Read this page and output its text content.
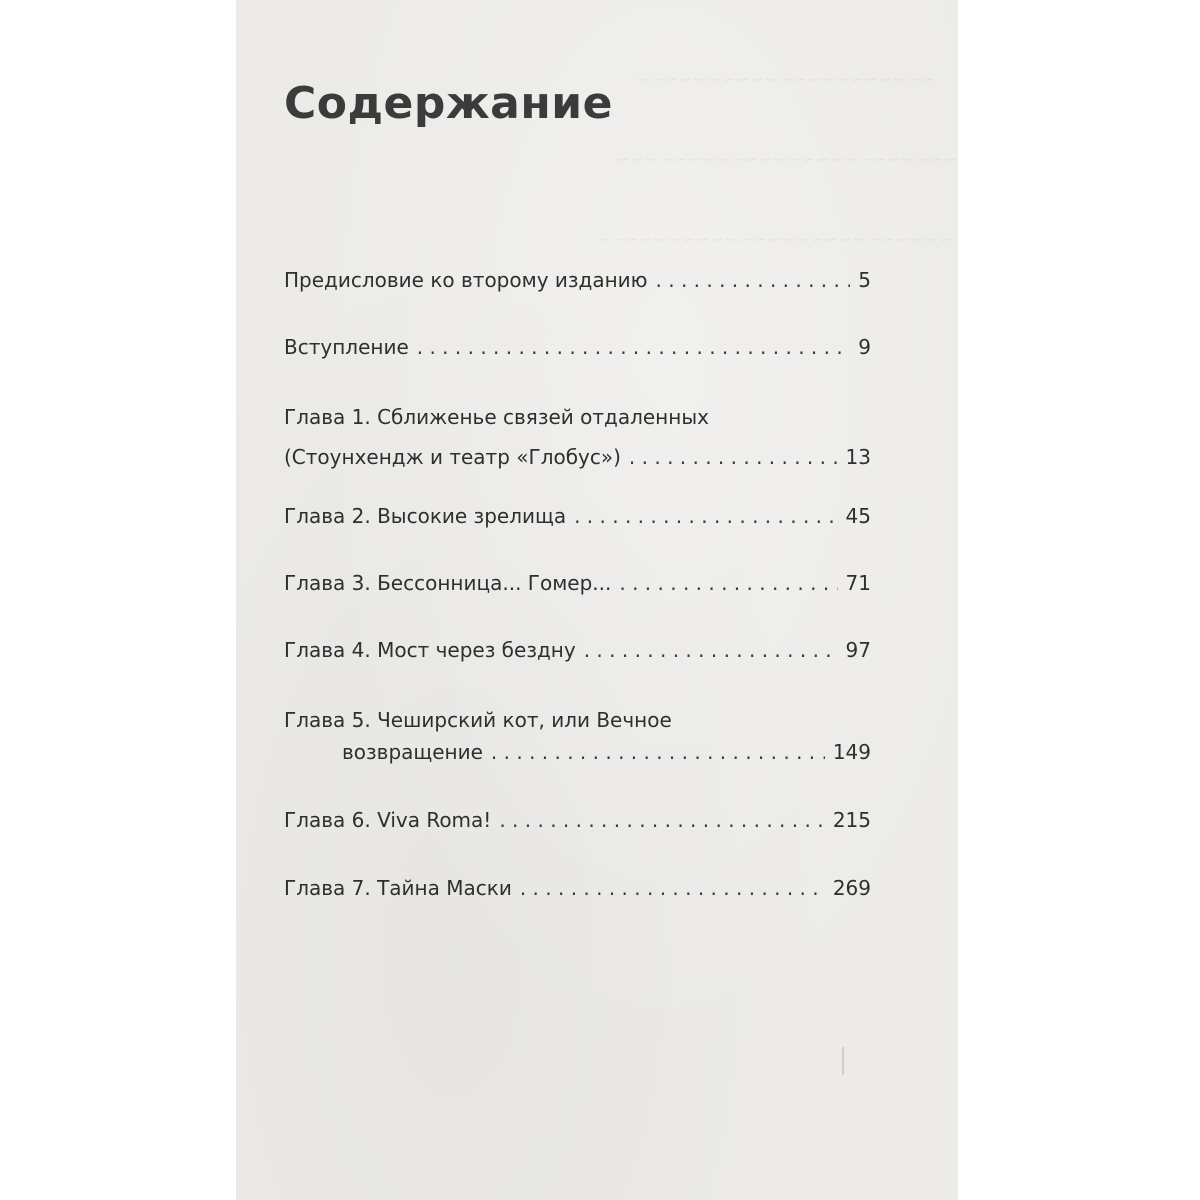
Содержание
Предисловие ко второму изданию . . .	5
Вступление . . .	9
Глава 1. Сближенье связей отдаленных
(Стоунхендж и театр «Глобус») . . .	13
Глава 2. Высокие зрелища . . .	45
Глава 3. Бессонница... Гомер... . . .	71
Глава 4. Мост через бездну . . .	97
Глава 5. Чеширский кот, или Вечное
возвращение . . .	149
Глава 6. Viva Roma! . . .	215
Глава 7. Тайна Маски . . .	269
